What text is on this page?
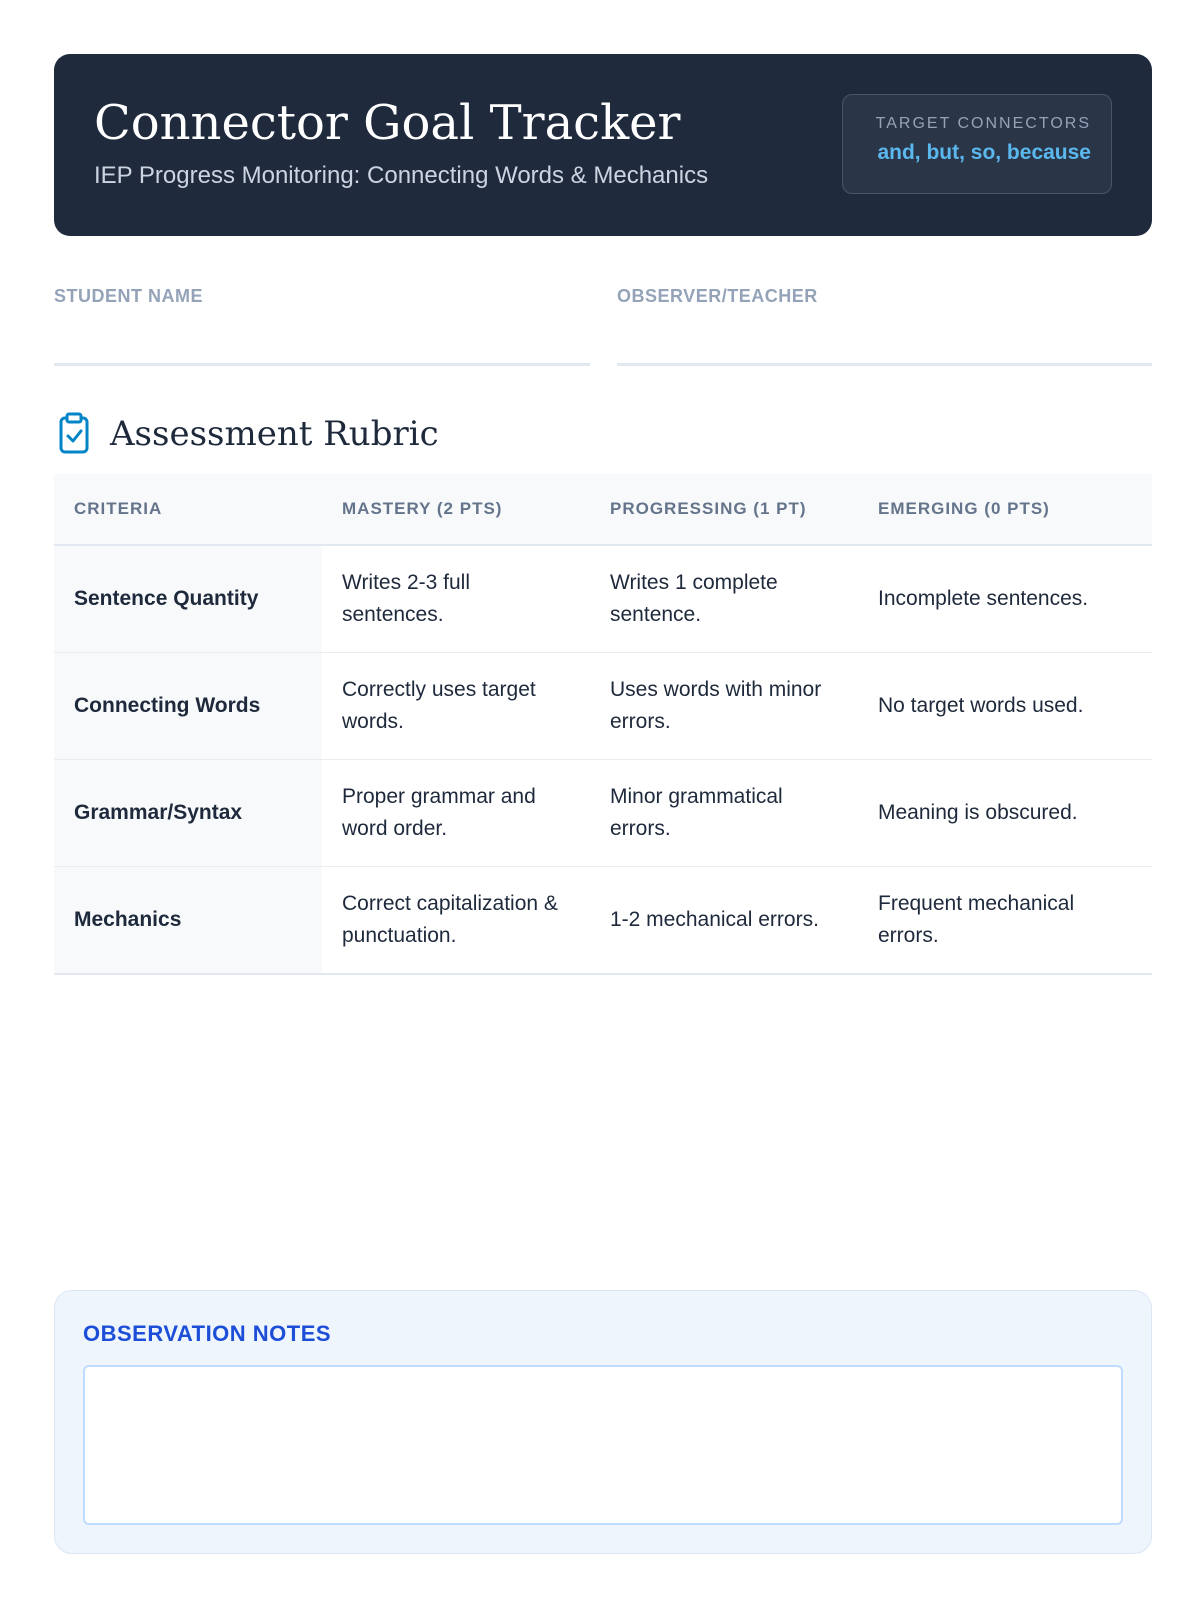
Connector Goal Tracker
IEP Progress Monitoring: Connecting Words & Mechanics
TARGET CONNECTORS
and, but, so, because
STUDENT NAME	OBSERVER/TEACHER
Assessment Rubric
CRITERIA	MASTERY (2 PTS)	PROGRESSING (1 PT)	EMERGING (0 PTS)
Sentence Quantity	Writes 2-3 full sentences.	Writes 1 complete sentence.	Incomplete sentences.
Connecting Words	Correctly uses target words.	Uses words with minor errors.	No target words used.
Grammar/Syntax	Proper grammar and word order.	Minor grammatical errors.	Meaning is obscured.
Mechanics	Correct capitalization & punctuation.	1-2 mechanical errors.	Frequent mechanical errors.
OBSERVATION NOTES
